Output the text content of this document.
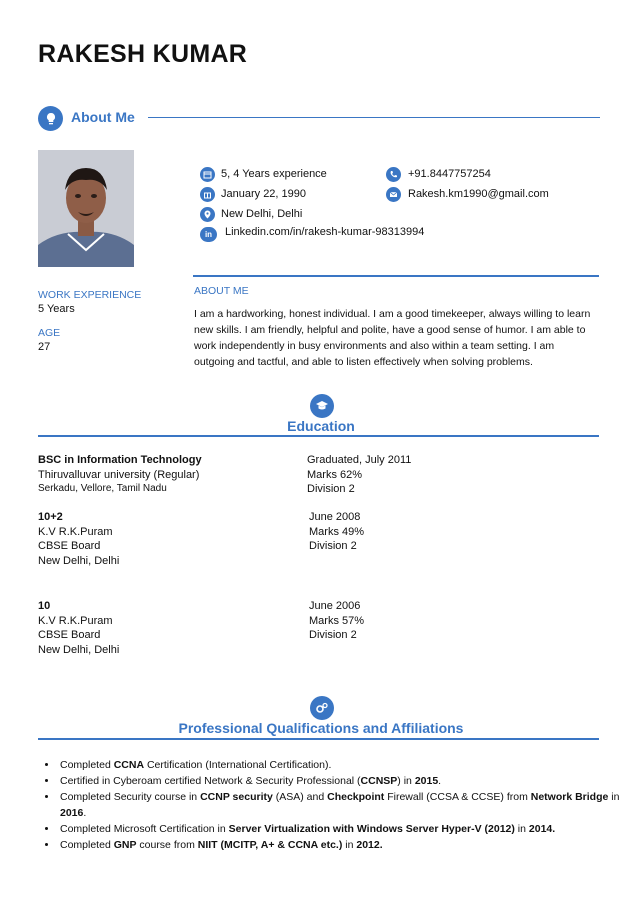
RAKESH KUMAR
About Me
5, 4 Years experience
January 22, 1990
New Delhi, Delhi
in Linkedin.com/in/rakesh-kumar-98313994
+91.8447757254
Rakesh.km1990@gmail.com
WORK EXPERIENCE
5 Years
AGE
27
ABOUT ME
I am a hardworking, honest individual. I am a good timekeeper, always willing to learn new skills. I am friendly, helpful and polite, have a good sense of humor. I am able to work independently in busy environments and also within a team setting. I am outgoing and tactful, and able to listen effectively when solving problems.
Education
BSC in Information Technology
Thiruvalluvar university (Regular)
Serkadu, Vellore, Tamil Nadu
Graduated, July 2011
Marks 62%
Division 2
10+2
K.V R.K.Puram
CBSE Board
New Delhi, Delhi
June 2008
Marks 49%
Division 2
10
K.V R.K.Puram
CBSE Board
New Delhi, Delhi
June 2006
Marks 57%
Division 2
Professional Qualifications and Affiliations
• Completed CCNA Certification (International Certification).
• Certified in Cyberoam certified Network & Security Professional (CCNSP) in 2015.
• Completed Security course in CCNP security (ASA) and Checkpoint Firewall (CCSA & CCSE) from Network Bridge in 2016.
• Completed Microsoft Certification in Server Virtualization with Windows Server Hyper-V (2012) in 2014.
• Completed GNP course from NIIT (MCITP, A+ & CCNA etc.) in 2012.
